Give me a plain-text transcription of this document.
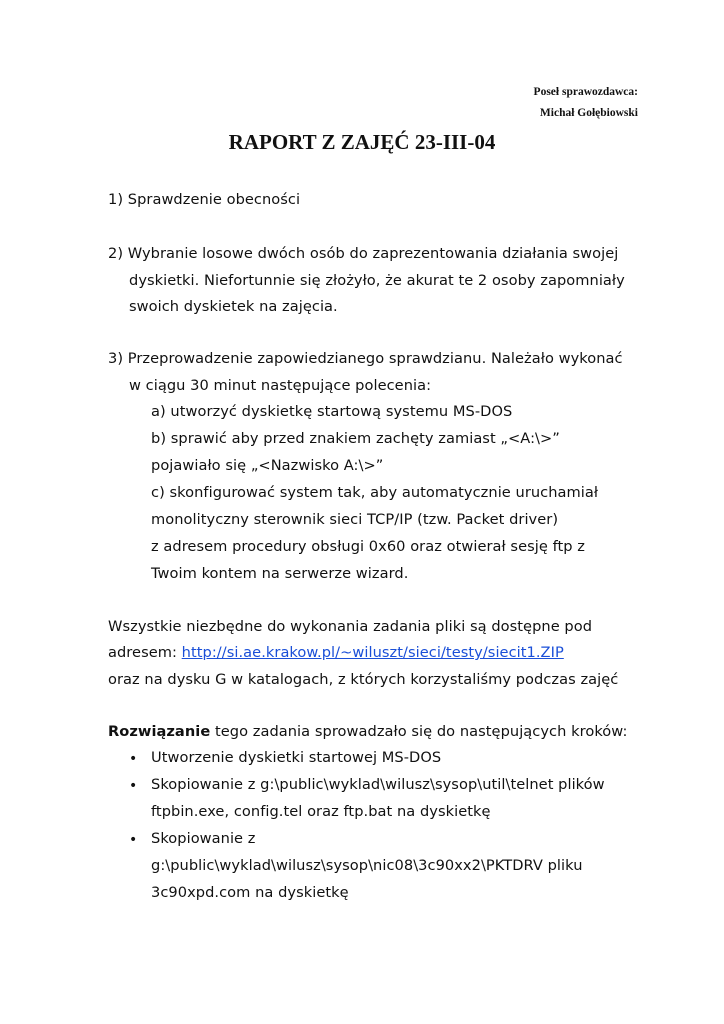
Poseł sprawozdawca:
Michał Gołębiowski
RAPORT Z ZAJĘĆ 23-III-04
1) Sprawdzenie obecności
2) Wybranie losowe dwóch osób do zaprezentowania działania swojej
dyskietki. Niefortunnie się złożyło, że akurat te 2 osoby zapomniały
swoich dyskietek na zajęcia.
3) Przeprowadzenie zapowiedzianego sprawdzianu. Należało wykonać
w ciągu 30 minut następujące polecenia:
a) utworzyć dyskietkę startową systemu MS-DOS
b) sprawić aby przed znakiem zachęty zamiast „<A:\>”
pojawiało się „<Nazwisko A:\>”
c) skonfigurować system tak, aby automatycznie uruchamiał
monolityczny sterownik sieci TCP/IP (tzw. Packet driver)
z adresem procedury obsługi 0x60 oraz otwierał sesję ftp z
Twoim kontem na serwerze wizard.
Wszystkie niezbędne do wykonania zadania pliki są dostępne pod
adresem: http://si.ae.krakow.pl/~wiluszt/sieci/testy/siecit1.ZIP
oraz na dysku G w katalogach, z których korzystaliśmy podczas zajęć
Rozwiązanie tego zadania sprowadzało się do następujących kroków:
• Utworzenie dyskietki startowej MS-DOS
• Skopiowanie z g:\public\wyklad\wilusz\sysop\util\telnet plików
ftpbin.exe, config.tel oraz ftp.bat na dyskietkę
• Skopiowanie z
g:\public\wyklad\wilusz\sysop\nic08\3c90xx2\PKTDRV pliku
3c90xpd.com na dyskietkę
